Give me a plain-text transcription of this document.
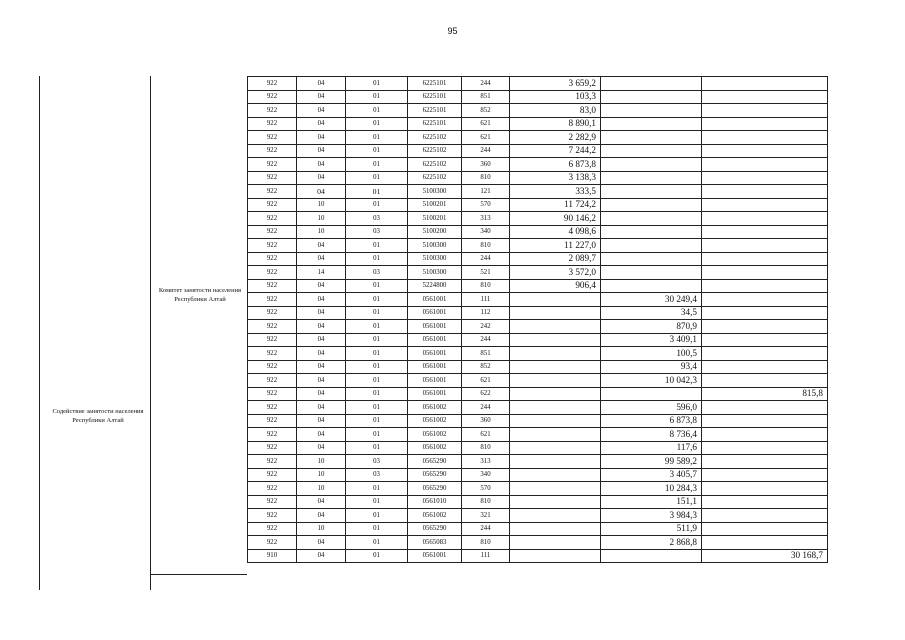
95
Содействие занятости населения Республики Алтай
Комитет занятости населения Республики Алтай
922	04	01	6225101	244	3 659,2		
922	04	01	6225101	851	103,3		
922	04	01	6225101	852	83,0		
922	04	01	6225101	621	8 890,1		
922	04	01	6225102	621	2 282,9		
922	04	01	6225102	244	7 244,2		
922	04	01	6225102	360	6 873,8		
922	04	01	6225102	810	3 138,3		
922	04	01	5100300	121	333,5		
922	10	01	5100201	570	11 724,2		
922	10	03	5100201	313	90 146,2		
922	10	03	5100200	340	4 098,6		
922	04	01	5100300	810	11 227,0		
922	04	01	5100300	244	2 089,7		
922	14	03	5100300	521	3 572,0		
922	04	01	5224800	810	906,4		
922	04	01	0561001	111		30 249,4	
922	04	01	0561001	112		34,5	
922	04	01	0561001	242		870,9	
922	04	01	0561001	244		3 409,1	
922	04	01	0561001	851		100,5	
922	04	01	0561001	852		93,4	
922	04	01	0561001	621		10 042,3	
922	04	01	0561001	622			815,8
922	04	01	0561002	244		596,0	
922	04	01	0561002	360		6 873,8	
922	04	01	0561002	621		8 736,4	
922	04	01	0561002	810		117,6	
922	10	03	0565290	313		99 589,2	
922	10	03	0565290	340		3 405,7	
922	10	01	0565290	570		10 284,3	
922	04	01	0561010	810		151,1	
922	04	01	0561002	321		3 984,3	
922	10	01	0565290	244		511,9	
922	04	01	0565083	810		2 868,8	
910	04	01	0561001	111			30 168,7
